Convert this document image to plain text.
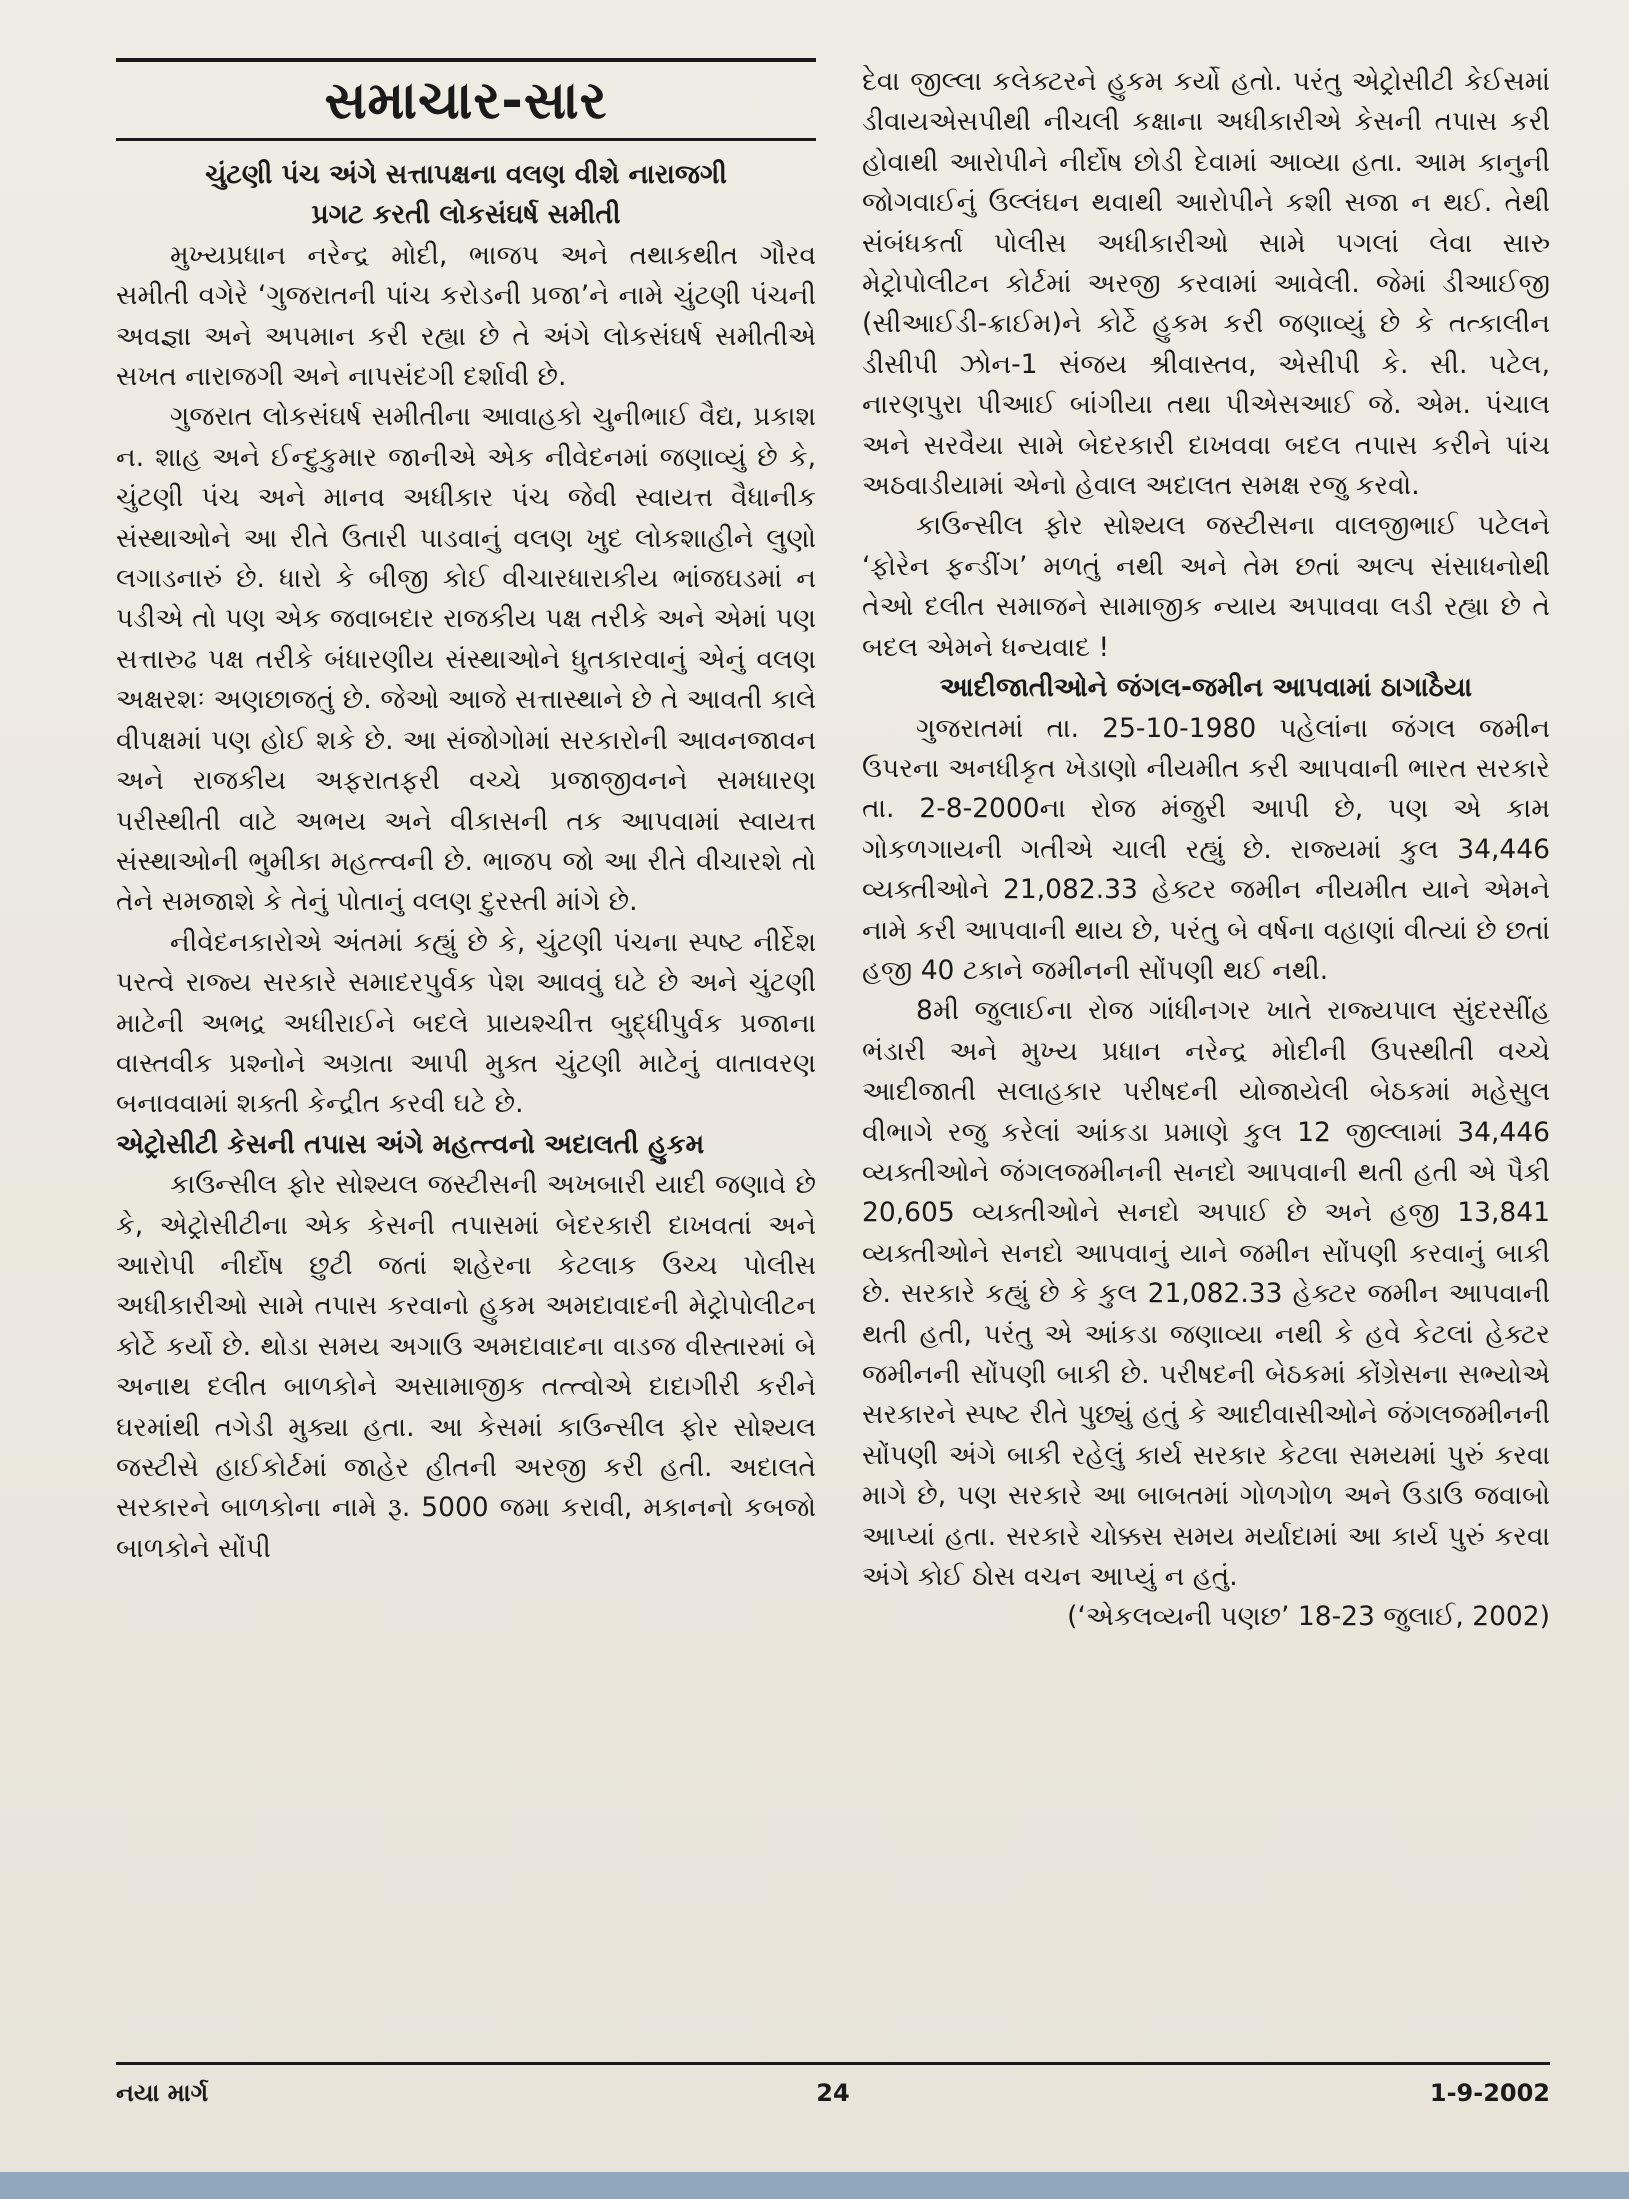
સમાચાર-સાર

ચુંટણી પંચ અંગે સત્તાપક્ષના વલણ વીશે નારાજગી

પ્રગટ કરતી લોકસંઘર્ષ સમીતી

મુખ્યપ્રધાન નરેન્દ્ર મોદી, ભાજપ અને તથાકથીત ગૌરવ સમીતી વગેરે ‘ગુજરાતની પાંચ કરોડની પ્રજા’ને નામે ચુંટણી પંચની અવજ્ઞા અને અપમાન કરી રહ્યા છે તે અંગે લોકસંઘર્ષ સમીતીએ સખત નારાજગી અને નાપસંદગી દર્શાવી છે.

ગુજરાત લોકસંઘર્ષ સમીતીના આવાહકો ચુનીભાઈ વૈદ્ય, પ્રકાશ ન. શાહ અને ઈન્દુકુમાર જાનીએ એક નીવેદનમાં જણાવ્યું છે કે, ચુંટણી પંચ અને માનવ અધીકાર પંચ જેવી સ્વાયત્ત વૈધાનીક સંસ્થાઓને આ રીતે ઉતારી પાડવાનું વલણ ખુદ લોકશાહીને લુણો લગાડનારું છે. ધારો કે બીજી કોઈ વીચારધારાકીય ભાંજઘડમાં ન પડીએ તો પણ એક જવાબદાર રાજકીય પક્ષ તરીકે અને એમાં પણ સત્તારુઢ પક્ષ તરીકે બંધારણીય સંસ્થાઓને ધુતકારવાનું એનું વલણ અક્ષરશઃ અણછાજતું છે. જેઓ આજે સત્તાસ્થાને છે તે આવતી કાલે વીપક્ષમાં પણ હોઈ શકે છે. આ સંજોગોમાં સરકારોની આવનજાવન અને રાજકીય અફરાતફરી વચ્ચે પ્રજાજીવનને સમધારણ પરીસ્થીતી વાટે અભય અને વીકાસની તક આપવામાં સ્વાયત્ત સંસ્થાઓની ભુમીકા મહત્ત્વની છે. ભાજપ જો આ રીતે વીચારશે તો તેને સમજાશે કે તેનું પોતાનું વલણ દુરસ્તી માંગે છે.

નીવેદનકારોએ અંતમાં કહ્યું છે કે, ચુંટણી પંચના સ્પષ્ટ નીર્દેશ પરત્વે રાજ્ય સરકારે સમાદરપુર્વક પેશ આવવું ઘટે છે અને ચુંટણી માટેની અભદ્ર અધીરાઈને બદલે પ્રાયશ્ચીત્ત બુદ્ધીપુર્વક પ્રજાના વાસ્તવીક પ્રશ્નોને અગ્રતા આપી મુક્ત ચુંટણી માટેનું વાતાવરણ બનાવવામાં શક્તી કેન્દ્રીત કરવી ઘટે છે.

એટ્રોસીટી કેસની તપાસ અંગે મહત્ત્વનો અદાલતી હુકમ

કાઉન્સીલ ફોર સોશ્યલ જસ્ટીસની અખબારી યાદી જણાવે છે કે, એટ્રોસીટીના એક કેસની તપાસમાં બેદરકારી દાખવતાં અને આરોપી નીર્દોષ છુટી જતાં શહેરના કેટલાક ઉચ્ચ પોલીસ અધીકારીઓ સામે તપાસ કરવાનો હુકમ અમદાવાદની મેટ્રોપોલીટન કોર્ટે કર્યો છે. થોડા સમય અગાઉ અમદાવાદના વાડજ વીસ્તારમાં બે અનાથ દલીત બાળકોને અસામાજીક તત્ત્વોએ દાદાગીરી કરીને ઘરમાંથી તગેડી મુક્યા હતા. આ કેસમાં કાઉન્સીલ ફોર સોશ્યલ જસ્ટીસે હાઈકોર્ટમાં જાહેર હીતની અરજી કરી હતી. અદાલતે સરકારને બાળકોના નામે રૂ. 5000 જમા કરાવી, મકાનનો કબજો બાળકોને સોંપી

દેવા જીલ્લા કલેક્ટરને હુકમ કર્યો હતો. પરંતુ એટ્રોસીટી કેઈસમાં ડીવાયએસપીથી નીચલી કક્ષાના અધીકારીએ કેસની તપાસ કરી હોવાથી આરોપીને નીર્દોષ છોડી દેવામાં આવ્યા હતા. આમ કાનુની જોગવાઈનું ઉલ્લંઘન થવાથી આરોપીને કશી સજા ન થઈ. તેથી સંબંધકર્તા પોલીસ અધીકારીઓ સામે પગલાં લેવા સારુ મેટ્રોપોલીટન કોર્ટમાં અરજી કરવામાં આવેલી. જેમાં ડીઆઈજી (સીઆઈડી-ક્રાઈમ)ને કોર્ટે હુકમ કરી જણાવ્યું છે કે તત્કાલીન ડીસીપી ઝોન-1 સંજય શ્રીવાસ્તવ, એસીપી કે. સી. પટેલ, નારણપુરા પીઆઈ બાંગીયા તથા પીએસઆઈ જે. એમ. પંચાલ અને સરવૈયા સામે બેદરકારી દાખવવા બદલ તપાસ કરીને પાંચ અઠવાડીયામાં એનો હેવાલ અદાલત સમક્ષ રજુ કરવો.

કાઉન્સીલ ફોર સોશ્યલ જસ્ટીસના વાલજીભાઈ પટેલને ‘ફોરેન ફન્ડીંગ’ મળતું નથી અને તેમ છતાં અલ્પ સંસાધનોથી તેઓ દલીત સમાજને સામાજીક ન્યાય અપાવવા લડી રહ્યા છે તે બદલ એમને ધન્યવાદ !

આદીજાતીઓને જંગલ-જમીન આપવામાં ઠાગાઠૈયા

ગુજરાતમાં તા. 25-10-1980 પહેલાંના જંગલ જમીન ઉપરના અનધીકૃત ખેડાણો નીયમીત કરી આપવાની ભારત સરકારે તા. 2-8-2000ના રોજ મંજુરી આપી છે, પણ એ કામ ગોકળગાયની ગતીએ ચાલી રહ્યું છે. રાજ્યમાં કુલ 34,446 વ્યક્તીઓને 21,082.33 હેક્ટર જમીન નીયમીત યાને એમને નામે કરી આપવાની થાય છે, પરંતુ બે વર્ષના વહાણાં વીત્યાં છે છતાં હજી 40 ટકાને જમીનની સોંપણી થઈ નથી.

8મી જુલાઈના રોજ ગાંધીનગર ખાતે રાજ્યપાલ સુંદરસીંહ ભંડારી અને મુખ્ય પ્રધાન નરેન્દ્ર મોદીની ઉપસ્થીતી વચ્ચે આદીજાતી સલાહકાર પરીષદની યોજાયેલી બેઠકમાં મહેસુલ વીભાગે રજુ કરેલાં આંકડા પ્રમાણે કુલ 12 જીલ્લામાં 34,446 વ્યક્તીઓને જંગલજમીનની સનદો આપવાની થતી હતી એ પૈકી 20,605 વ્યક્તીઓને સનદો અપાઈ છે અને હજી 13,841 વ્યક્તીઓને સનદો આપવાનું યાને જમીન સોંપણી કરવાનું બાકી છે. સરકારે કહ્યું છે કે કુલ 21,082.33 હેક્ટર જમીન આપવાની થતી હતી, પરંતુ એ આંકડા જણાવ્યા નથી કે હવે કેટલાં હેક્ટર જમીનની સોંપણી બાકી છે. પરીષદની બેઠકમાં કોંગ્રેસના સભ્યોએ સરકારને સ્પષ્ટ રીતે પુછ્યું હતું કે આદીવાસીઓને જંગલજમીનની સોંપણી અંગે બાકી રહેલું કાર્ય સરકાર કેટલા સમયમાં પુરું કરવા માગે છે, પણ સરકારે આ બાબતમાં ગોળગોળ અને ઉડાઉ જવાબો આપ્યાં હતા. સરકારે ચોક્કસ સમય મર્યાદામાં આ કાર્ય પુરું કરવા અંગે કોઈ ઠોસ વચન આપ્યું ન હતું.

(‘એકલવ્યની પણછ’ 18-23 જુલાઈ, 2002)

નયા માર્ગ	24	1-9-2002
